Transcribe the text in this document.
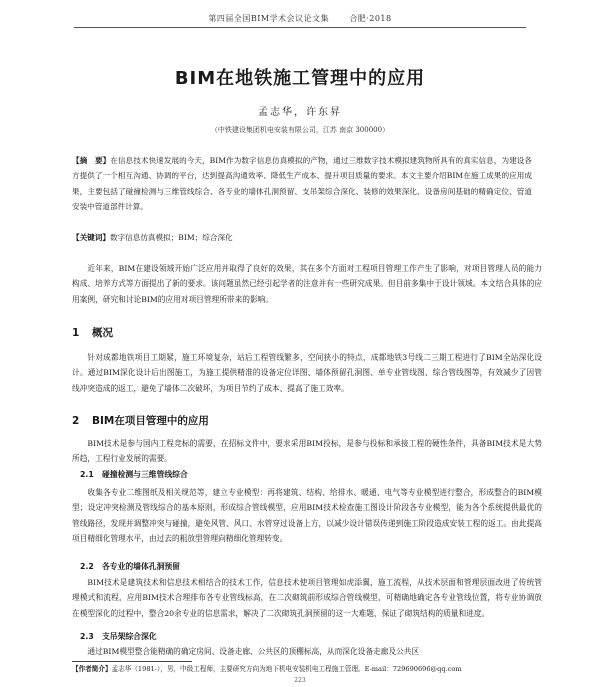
第四届全国BIM学术会议论文集	合肥·2018
BIM在地铁施工管理中的应用
孟志华，许东昇
（中铁建设集团机电安装有限公司，江苏 南京 300000）
【摘　要】在信息技术快速发展的今天，BIM作为数字信息仿真模拟的产物，通过三维数字技术模拟建筑物所具有的真实信息，为建设各方提供了一个相互沟通、协调的平台，达到提高沟通效率、降低生产成本、提升项目质量的要求。本文主要介绍BIM在施工成果的应用成果，主要包括了碰撞检测与三维管线综合、各专业的墙体孔洞预留、支吊架综合深化、装修的效果深化、设备房间基础的精确定位、管道安装中管道部件计算。
【关键词】数字信息仿真模拟；BIM；综合深化
近年来，BIM在建设领域开始广泛应用并取得了良好的效果，其在多个方面对工程项目管理工作产生了影响，对项目管理人员的能力构成、培养方式等方面提出了新的要求。该问题虽然已经引起学者的注意并有一些研究成果。但目前多集中于设计领域。本文结合具体的应用案例，研究和讨论BIM的应用对项目管理所带来的影响。
1 概况
针对成都地铁项目工期紧，施工环境复杂，站后工程管线繁多，空间狭小的特点，成都地铁3号线二三期工程进行了BIM全站深化设计。通过BIM深化设计后出图施工，为施工提供精准的设备定位详图、墙体预留孔洞图、单专业管线图、综合管线图等，有效减少了因管线冲突造成的返工，避免了墙体二次破坏，为项目节约了成本、提高了施工效率。
2 BIM在项目管理中的应用
BIM技术是参与国内工程竞标的需要，在招标文件中，要求采用BIM投标，是参与投标和承接工程的硬性条件，具备BIM技术是大势所趋，工程行业发展的需要。
2.1 碰撞检测与三维管线综合
收集各专业二维图纸及相关规范等，建立专业模型：再将建筑、结构、给排水、暖通、电气等专业模型进行整合，形成整合的BIM模型；设定冲突检测及管线综合的基本原则，形成综合管线模型，应用BIM技术检查施工图设计阶段各专业模型，能为各个系统提供最优的管线路径，发现并调整冲突与碰撞，避免风管、风口、水管穿过设备上方，以减少设计错误传递到施工阶段造成安装工程的返工。由此提高项目精细化管理水平，由过去的粗放型管理向精细化管理转变。
2.2 各专业的墙体孔洞预留
BIM技术是建筑技术和信息技术相结合的技术工作，信息技术使项目管理如虎添翼，施工流程，从技术层面和管理层面改进了传统管理模式和流程，应用BIM技术合理排布各专业管线标高，在二次砌筑前形成综合管线模型，可精确地确定各专业管线位置，将专业协调放在模型深化的过程中，整合20余专业的信息需求，解决了二次砌筑孔洞预留的这一大难题，保证了砌筑结构的质量和进度。
2.3 支吊架综合深化
通过BIM模型整合能精确的确定房间、设备走廊、公共区的顶棚标高，从而深化设备走廊及公共区
【作者简介】孟志华（1981-），男，中级工程师，主要研究方向为地下机电安装机电工程施工管理。E-mail：729690696@qq.com
223
